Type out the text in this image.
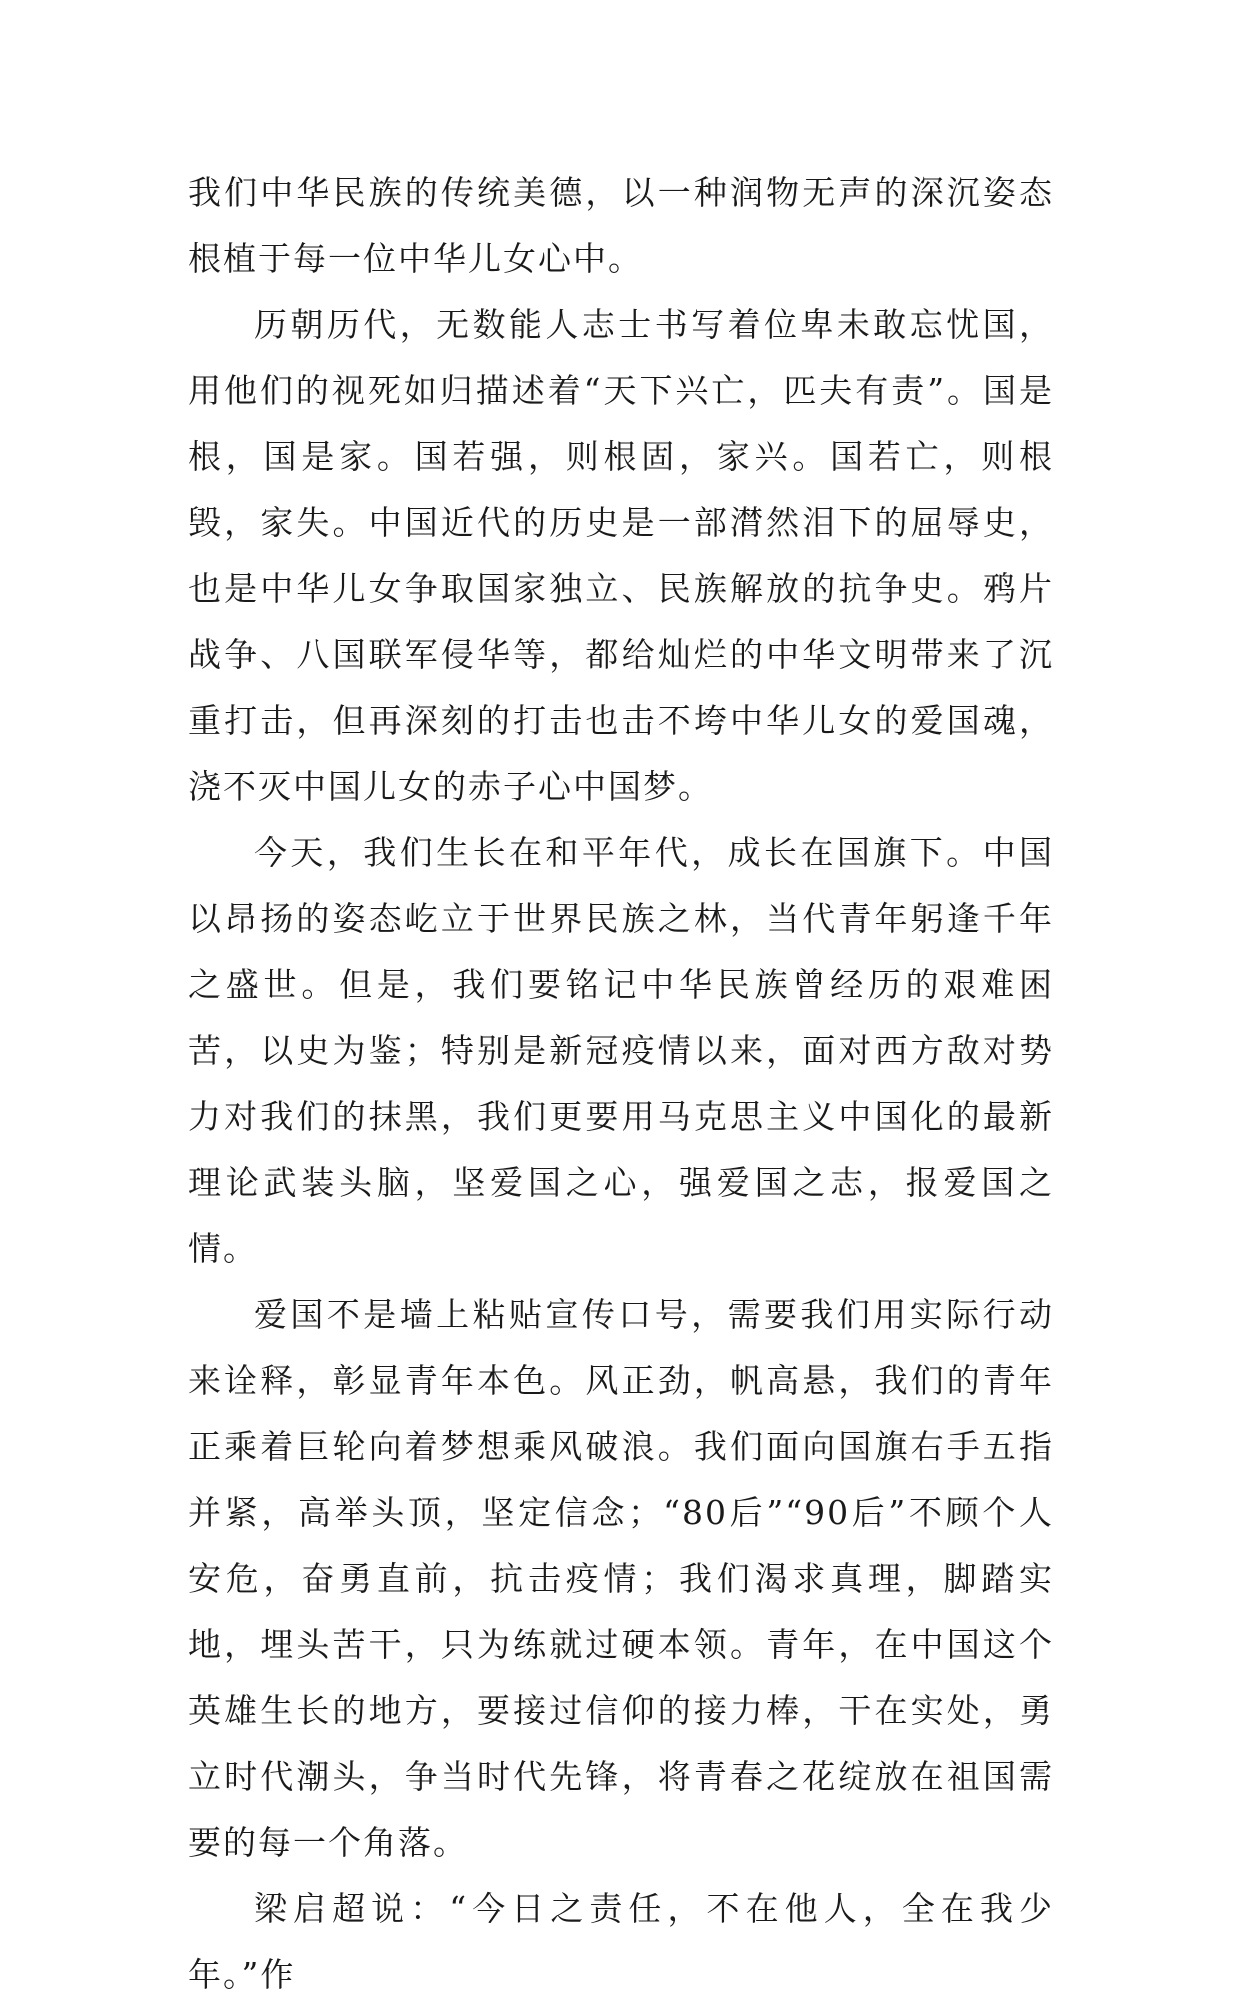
我们中华民族的传统美德，以一种润物无声的深沉姿态根植于每一位中华儿女心中。

历朝历代，无数能人志士书写着位卑未敢忘忧国，用他们的视死如归描述着“天下兴亡，匹夫有责”。国是根，国是家。国若强，则根固，家兴。国若亡，则根毁，家失。中国近代的历史是一部潸然泪下的屈辱史，也是中华儿女争取国家独立、民族解放的抗争史。鸦片战争、八国联军侵华等，都给灿烂的中华文明带来了沉重打击，但再深刻的打击也击不垮中华儿女的爱国魂，浇不灭中国儿女的赤子心中国梦。

今天，我们生长在和平年代，成长在国旗下。中国以昂扬的姿态屹立于世界民族之林，当代青年躬逢千年之盛世。但是，我们要铭记中华民族曾经历的艰难困苦，以史为鉴；特别是新冠疫情以来，面对西方敌对势力对我们的抹黑，我们更要用马克思主义中国化的最新理论武装头脑，坚爱国之心，强爱国之志，报爱国之情。

爱国不是墙上粘贴宣传口号，需要我们用实际行动来诠释，彰显青年本色。风正劲，帆高悬，我们的青年正乘着巨轮向着梦想乘风破浪。我们面向国旗右手五指并紧，高举头顶，坚定信念；“80后”“90后”不顾个人安危，奋勇直前，抗击疫情；我们渴求真理，脚踏实地，埋头苦干，只为练就过硬本领。青年，在中国这个英雄生长的地方，要接过信仰的接力棒，干在实处，勇立时代潮头，争当时代先锋，将青春之花绽放在祖国需要的每一个角落。

梁启超说：“今日之责任，不在他人，全在我少年。”作
